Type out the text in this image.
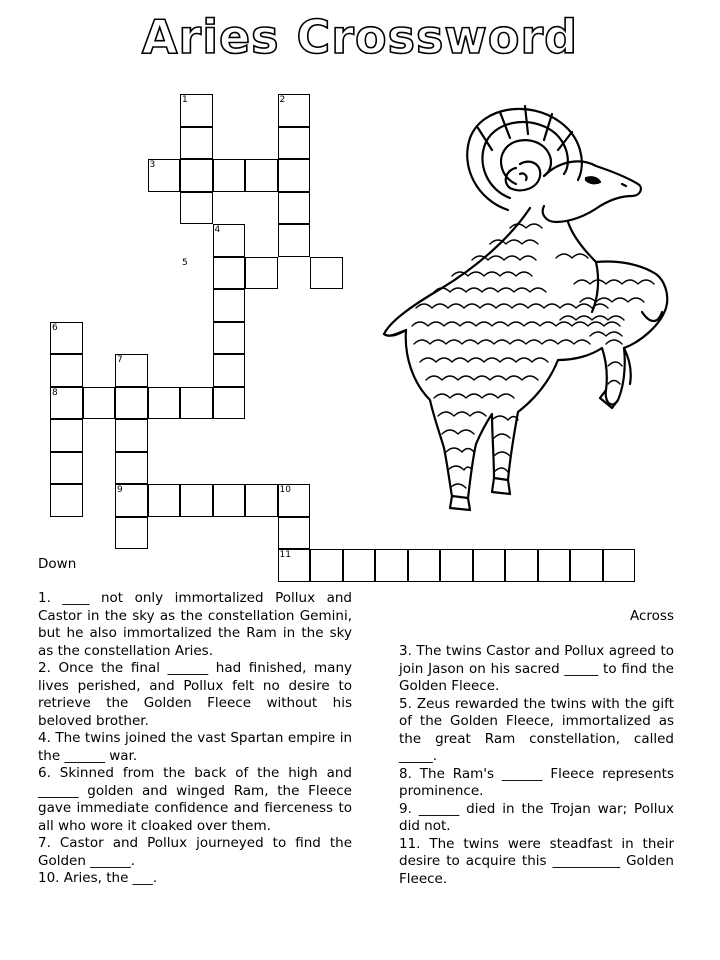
Aries Crossword
1	2
3
4
5
6
7
8
9	10
11
Down
Across

1. ____ not only immortalized Pollux and Castor in the sky as the constellation Gemini, but he also immortalized the Ram in the sky as the constellation Aries.

2. Once the final ______ had finished, many lives perished, and Pollux felt no desire to retrieve the Golden Fleece without his beloved brother.

4. The twins joined the vast Spartan empire in the ______ war.

6. Skinned from the back of the high and ______ golden and winged Ram, the Fleece gave immediate confidence and fierceness to all who wore it cloaked over them.

7. Castor and Pollux journeyed to find the Golden ______.

10. Aries, the ___.

3. The twins Castor and Pollux agreed to join Jason on his sacred _____ to find the Golden Fleece.

5. Zeus rewarded the twins with the gift of the Golden Fleece, immortalized as the great Ram constellation, called _____.

8. The Ram's ______ Fleece represents prominence.

9. ______ died in the Trojan war; Pollux did not.

11. The twins were steadfast in their desire to acquire this __________ Golden Fleece.
